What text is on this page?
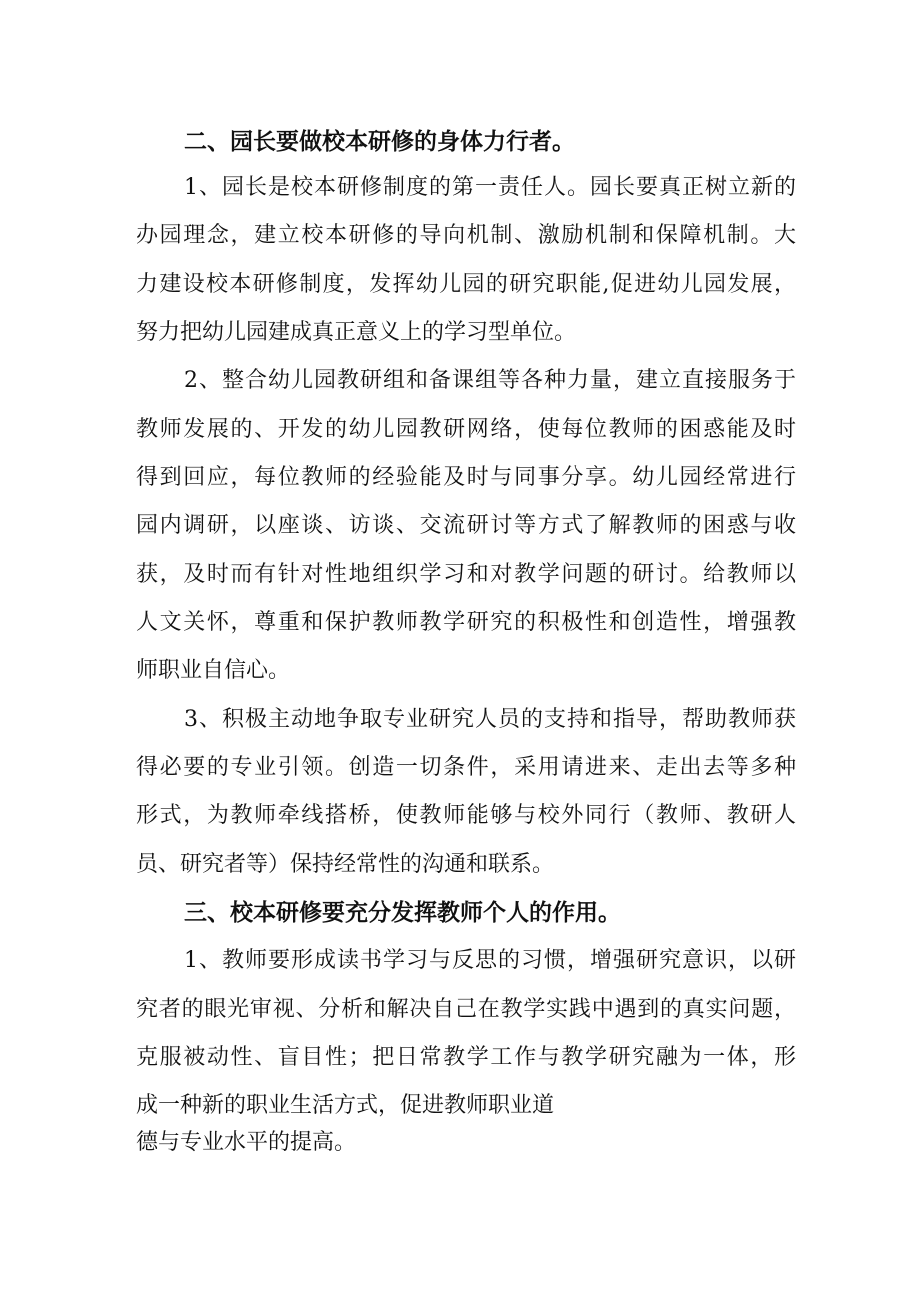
二、园长要做校本研修的身体力行者。
1、园长是校本研修制度的第一责任人。园长要真正树立新的
办园理念，建立校本研修的导向机制、激励机制和保障机制。大
力建设校本研修制度，发挥幼儿园的研究职能,促进幼儿园发展，
努力把幼儿园建成真正意义上的学习型单位。
2、整合幼儿园教研组和备课组等各种力量，建立直接服务于
教师发展的、开发的幼儿园教研网络，使每位教师的困惑能及时
得到回应，每位教师的经验能及时与同事分享。幼儿园经常进行
园内调研，以座谈、访谈、交流研讨等方式了解教师的困惑与收
获，及时而有针对性地组织学习和对教学问题的研讨。给教师以
人文关怀，尊重和保护教师教学研究的积极性和创造性，增强教
师职业自信心。
3、积极主动地争取专业研究人员的支持和指导，帮助教师获
得必要的专业引领。创造一切条件，采用请进来、走出去等多种
形式，为教师牵线搭桥，使教师能够与校外同行（教师、教研人
员、研究者等）保持经常性的沟通和联系。
三、校本研修要充分发挥教师个人的作用。
1、教师要形成读书学习与反思的习惯，增强研究意识，以研
究者的眼光审视、分析和解决自己在教学实践中遇到的真实问题，
克服被动性、盲目性；把日常教学工作与教学研究融为一体，形
成一种新的职业生活方式，促进教师职业道
德与专业水平的提高。
